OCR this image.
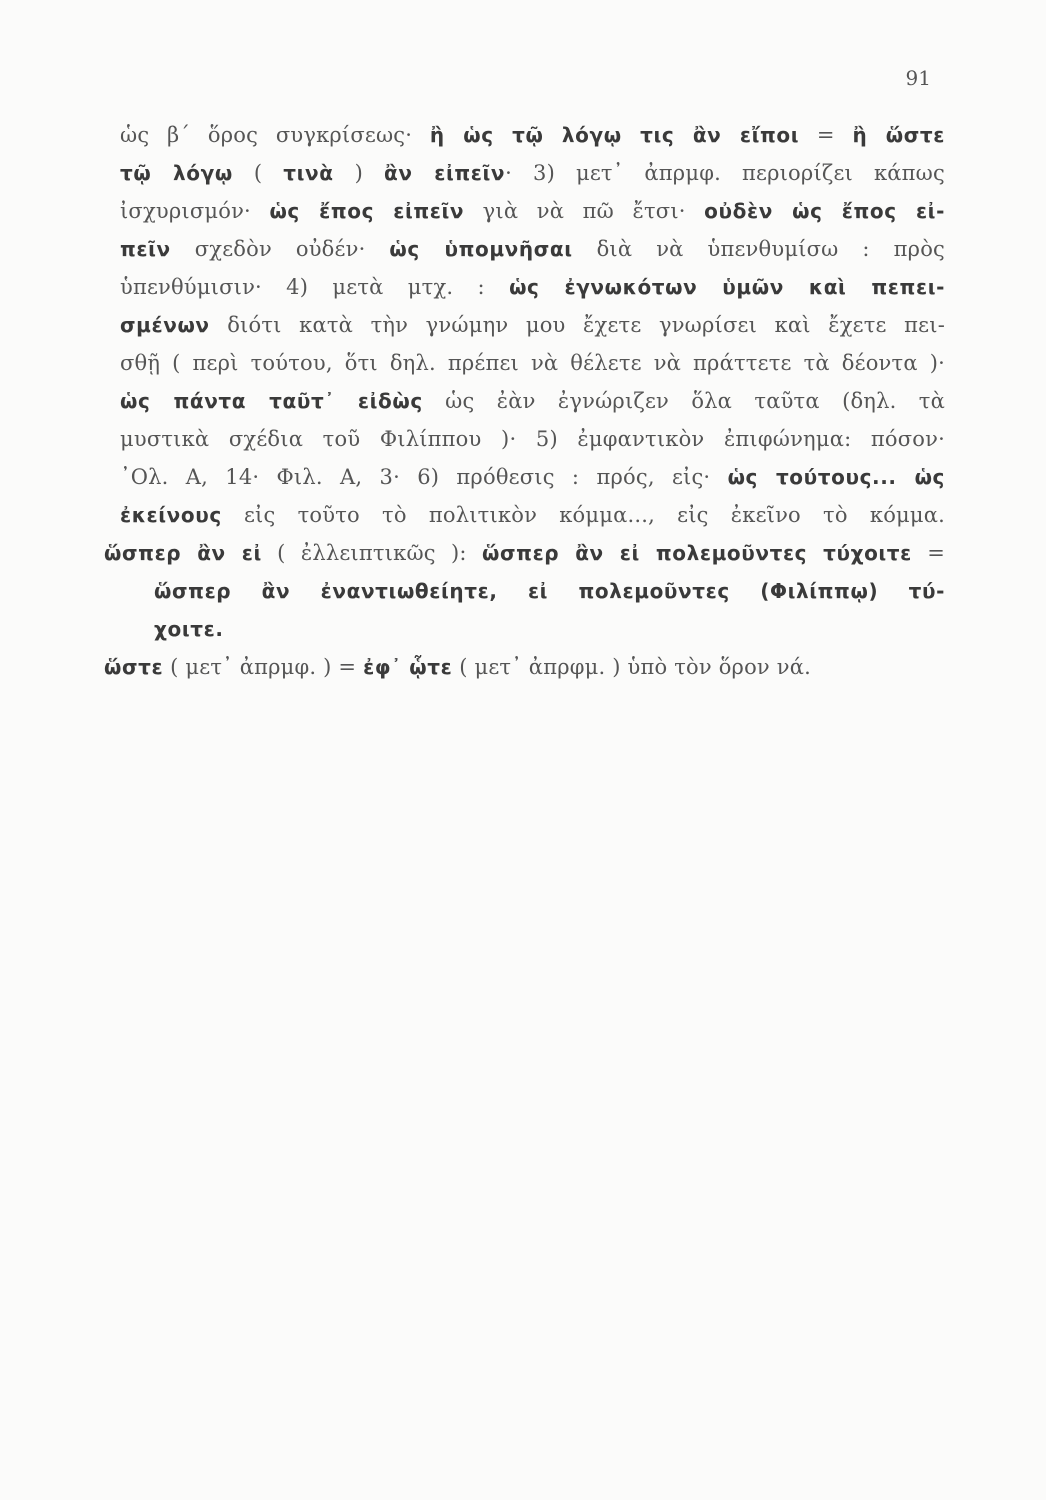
91
ὡς β΄ ὅρος συγκρίσεως· ἢ ὡς τῷ λόγῳ τις ἂν εἴποι = ἢ ὥστε
τῷ λόγῳ ( τινὰ ) ἂν εἰπεῖν· 3) μετ᾿ ἀπρμφ. περιορίζει κάπως
ἰσχυρισμόν· ὡς ἔπος εἰπεῖν γιὰ νὰ πῶ ἔτσι· οὐδὲν ὡς ἔπος εἰ-
πεῖν σχεδὸν οὐδέν· ὡς ὑπομνῆσαι διὰ νὰ ὑπενθυμίσω : πρὸς
ὑπενθύμισιν· 4) μετὰ μτχ. : ὡς ἐγνωκότων ὑμῶν καὶ πεπει-
σμένων διότι κατὰ τὴν γνώμην μου ἔχετε γνωρίσει καὶ ἔχετε πει-
σθῇ ( περὶ τούτου, ὅτι δηλ. πρέπει νὰ θέλετε νὰ πράττετε τὰ δέοντα )·
ὡς πάντα ταῦτ᾿ εἰδὼς ὡς ἐὰν ἐγνώριζεν ὅλα ταῦτα (δηλ. τὰ
μυστικὰ σχέδια τοῦ Φιλίππου )· 5) ἐμφαντικὸν ἐπιφώνημα: πόσον·
᾿Ολ. Α, 14· Φιλ. Α, 3· 6) πρόθεσις : πρός, εἰς· ὡς τούτους... ὡς
ἐκείνους εἰς τοῦτο τὸ πολιτικὸν κόμμα..., εἰς ἐκεῖνο τὸ κόμμα.
ὥσπερ ἂν εἰ ( ἐλλειπτικῶς ): ὥσπερ ἂν εἰ πολεμοῦντες τύχοιτε =
ὥσπερ ἂν ἐναντιωθείητε, εἰ πολεμοῦντες (Φιλίππῳ) τύ-
χοιτε.
ὥστε ( μετ᾿ ἀπρμφ. ) = ἐφ᾿ ᾧτε ( μετ᾿ ἀπρφμ. ) ὑπὸ τὸν ὅρον νά.
